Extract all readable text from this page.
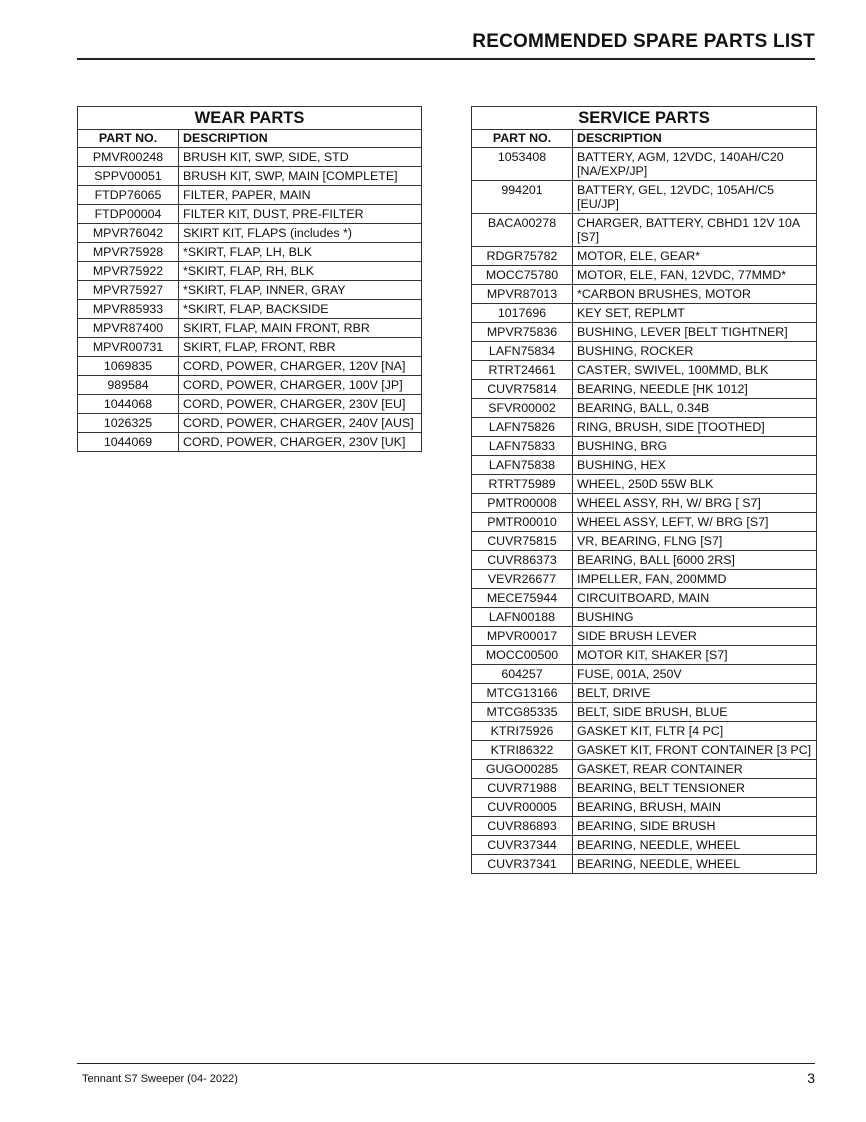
RECOMMENDED SPARE PARTS LIST
WEAR PARTS	
PART NO.	DESCRIPTION
PMVR00248	BRUSH KIT, SWP, SIDE, STD
SPPV00051	BRUSH KIT, SWP, MAIN [COMPLETE]
FTDP76065	FILTER, PAPER, MAIN
FTDP00004	FILTER KIT, DUST, PRE-FILTER
MPVR76042	SKIRT KIT, FLAPS (includes *)
MPVR75928	*SKIRT, FLAP, LH, BLK
MPVR75922	*SKIRT, FLAP, RH, BLK
MPVR75927	*SKIRT, FLAP, INNER, GRAY
MPVR85933	*SKIRT, FLAP, BACKSIDE
MPVR87400	SKIRT, FLAP, MAIN FRONT, RBR
MPVR00731	SKIRT, FLAP, FRONT, RBR
1069835	CORD, POWER, CHARGER, 120V [NA]
989584	CORD, POWER, CHARGER, 100V [JP]
1044068	CORD, POWER, CHARGER, 230V [EU]
1026325	CORD, POWER, CHARGER, 240V [AUS]
1044069	CORD, POWER, CHARGER, 230V [UK]
SERVICE PARTS	
PART NO.	DESCRIPTION
1053408	BATTERY, AGM, 12VDC, 140AH/C20 [NA/EXP/JP]
994201	BATTERY, GEL, 12VDC, 105AH/C5 [EU/JP]
BACA00278	CHARGER, BATTERY, CBHD1 12V 10A [S7]
RDGR75782	MOTOR, ELE, GEAR*
MOCC75780	MOTOR, ELE, FAN, 12VDC, 77MMD*
MPVR87013	*CARBON BRUSHES, MOTOR
1017696	KEY SET, REPLMT
MPVR75836	BUSHING, LEVER [BELT TIGHTNER]
LAFN75834	BUSHING, ROCKER
RTRT24661	CASTER, SWIVEL, 100MMD, BLK
CUVR75814	BEARING, NEEDLE [HK 1012]
SFVR00002	BEARING, BALL, 0.34B
LAFN75826	RING, BRUSH, SIDE [TOOTHED]
LAFN75833	BUSHING, BRG
LAFN75838	BUSHING, HEX
RTRT75989	WHEEL, 250D 55W BLK
PMTR00008	WHEEL ASSY, RH, W/ BRG [ S7]
PMTR00010	WHEEL ASSY, LEFT, W/ BRG [S7]
CUVR75815	VR, BEARING, FLNG [S7]
CUVR86373	BEARING, BALL [6000 2RS]
VEVR26677	IMPELLER, FAN, 200MMD
MECE75944	CIRCUITBOARD, MAIN
LAFN00188	BUSHING
MPVR00017	SIDE BRUSH LEVER
MOCC00500	MOTOR KIT, SHAKER [S7]
604257	FUSE, 001A, 250V
MTCG13166	BELT, DRIVE
MTCG85335	BELT, SIDE BRUSH, BLUE
KTRI75926	GASKET KIT, FLTR [4 PC]
KTRI86322	GASKET KIT, FRONT CONTAINER [3 PC]
GUGO00285	GASKET, REAR CONTAINER
CUVR71988	BEARING, BELT TENSIONER
CUVR00005	BEARING, BRUSH, MAIN
CUVR86893	BEARING, SIDE BRUSH
CUVR37344	BEARING, NEEDLE, WHEEL
CUVR37341	BEARING, NEEDLE, WHEEL
Tennant S7 Sweeper (04- 2022)	3
